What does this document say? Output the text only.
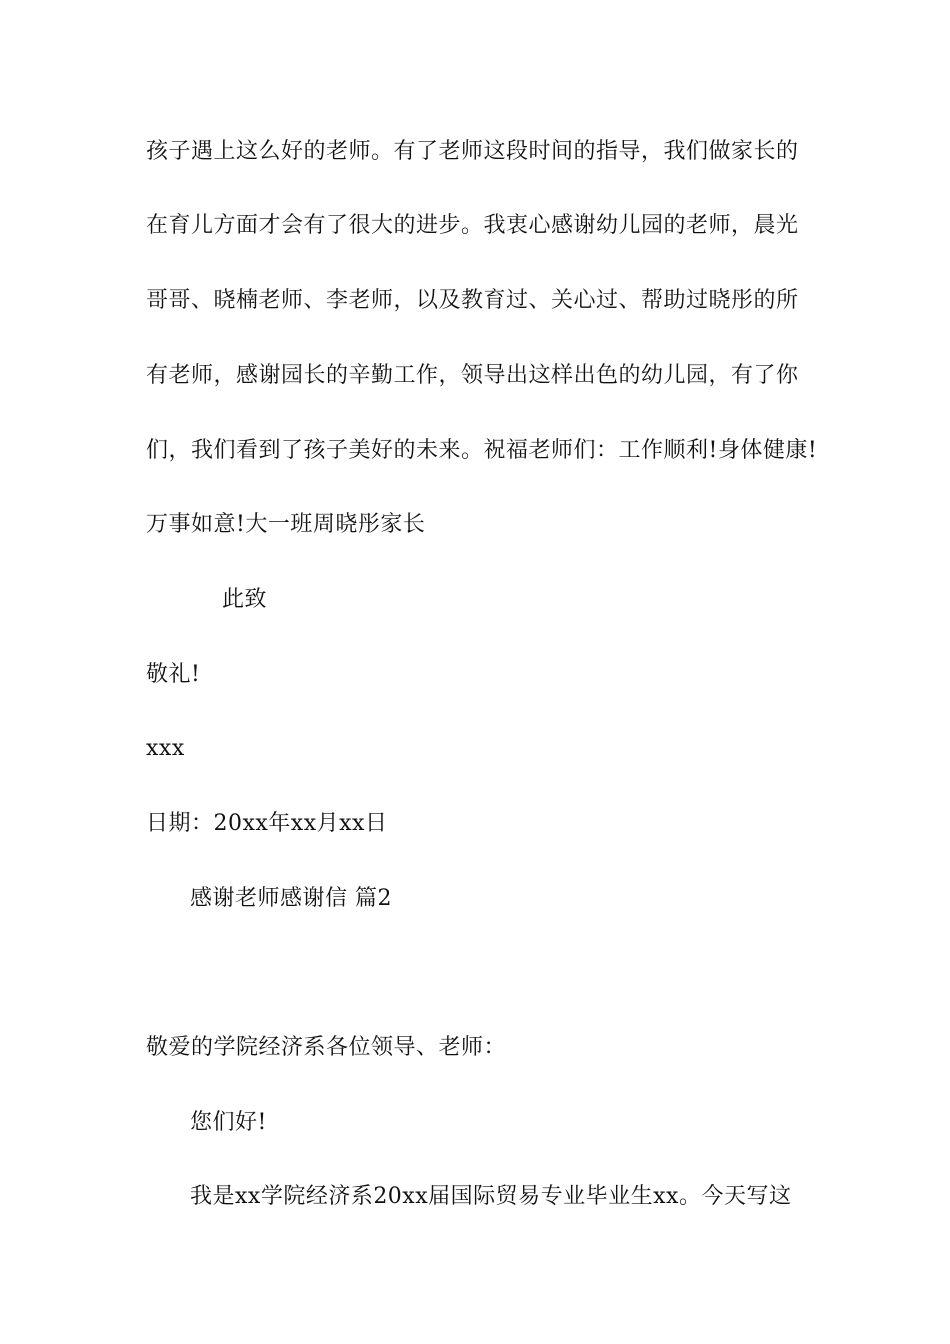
孩子遇上这么好的老师。有了老师这段时间的指导，我们做家长的
在育儿方面才会有了很大的进步。我衷心感谢幼儿园的老师，晨光
哥哥、晓楠老师、李老师，以及教育过、关心过、帮助过晓彤的所
有老师，感谢园长的辛勤工作，领导出这样出色的幼儿园，有了你
们，我们看到了孩子美好的未来。祝福老师们：工作顺利!身体健康!
万事如意!大一班周晓彤家长
此致
敬礼!
xxx
日期：20xx年xx月xx日
感谢老师感谢信 篇2
敬爱的学院经济系各位领导、老师：
您们好!
我是xx学院经济系20xx届国际贸易专业毕业生xx。今天写这
